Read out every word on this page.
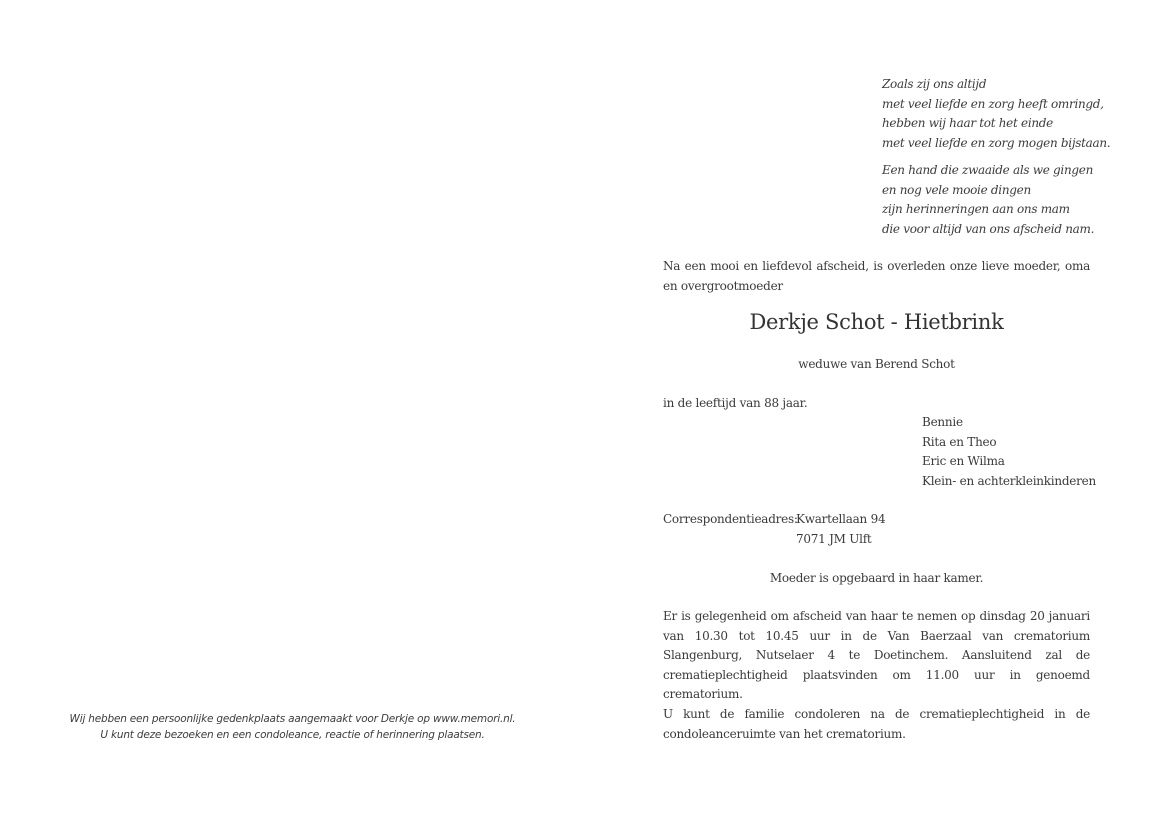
Wij hebben een persoonlijke gedenkplaats aangemaakt voor Derkje op www.memori.nl.
U kunt deze bezoeken en een condoleance, reactie of herinnering plaatsen.
Zoals zij ons altijd
met veel liefde en zorg heeft omringd,
hebben wij haar tot het einde
met veel liefde en zorg mogen bijstaan.
Een hand die zwaaide als we gingen
en nog vele mooie dingen
zijn herinneringen aan ons mam
die voor altijd van ons afscheid nam.
Na een mooi en liefdevol afscheid, is overleden onze lieve moeder, oma en overgrootmoeder
Derkje Schot - Hietbrink
weduwe van Berend Schot
in de leeftijd van 88 jaar.
Bennie
Rita en Theo
Eric en Wilma
Klein- en achterkleinkinderen
Correspondentieadres:
Kwartellaan 94
7071 JM Ulft
Moeder is opgebaard in haar kamer.
Er is gelegenheid om afscheid van haar te nemen op dinsdag 20 januari van 10.30 tot 10.45 uur in de Van Baerzaal van crematorium Slangenburg, Nutselaer 4 te Doetinchem. Aansluitend zal de crematieplechtigheid plaatsvinden om 11.00 uur in genoemd crematorium.
U kunt de familie condoleren na de crematieplechtigheid in de condoleanceruimte van het crematorium.
